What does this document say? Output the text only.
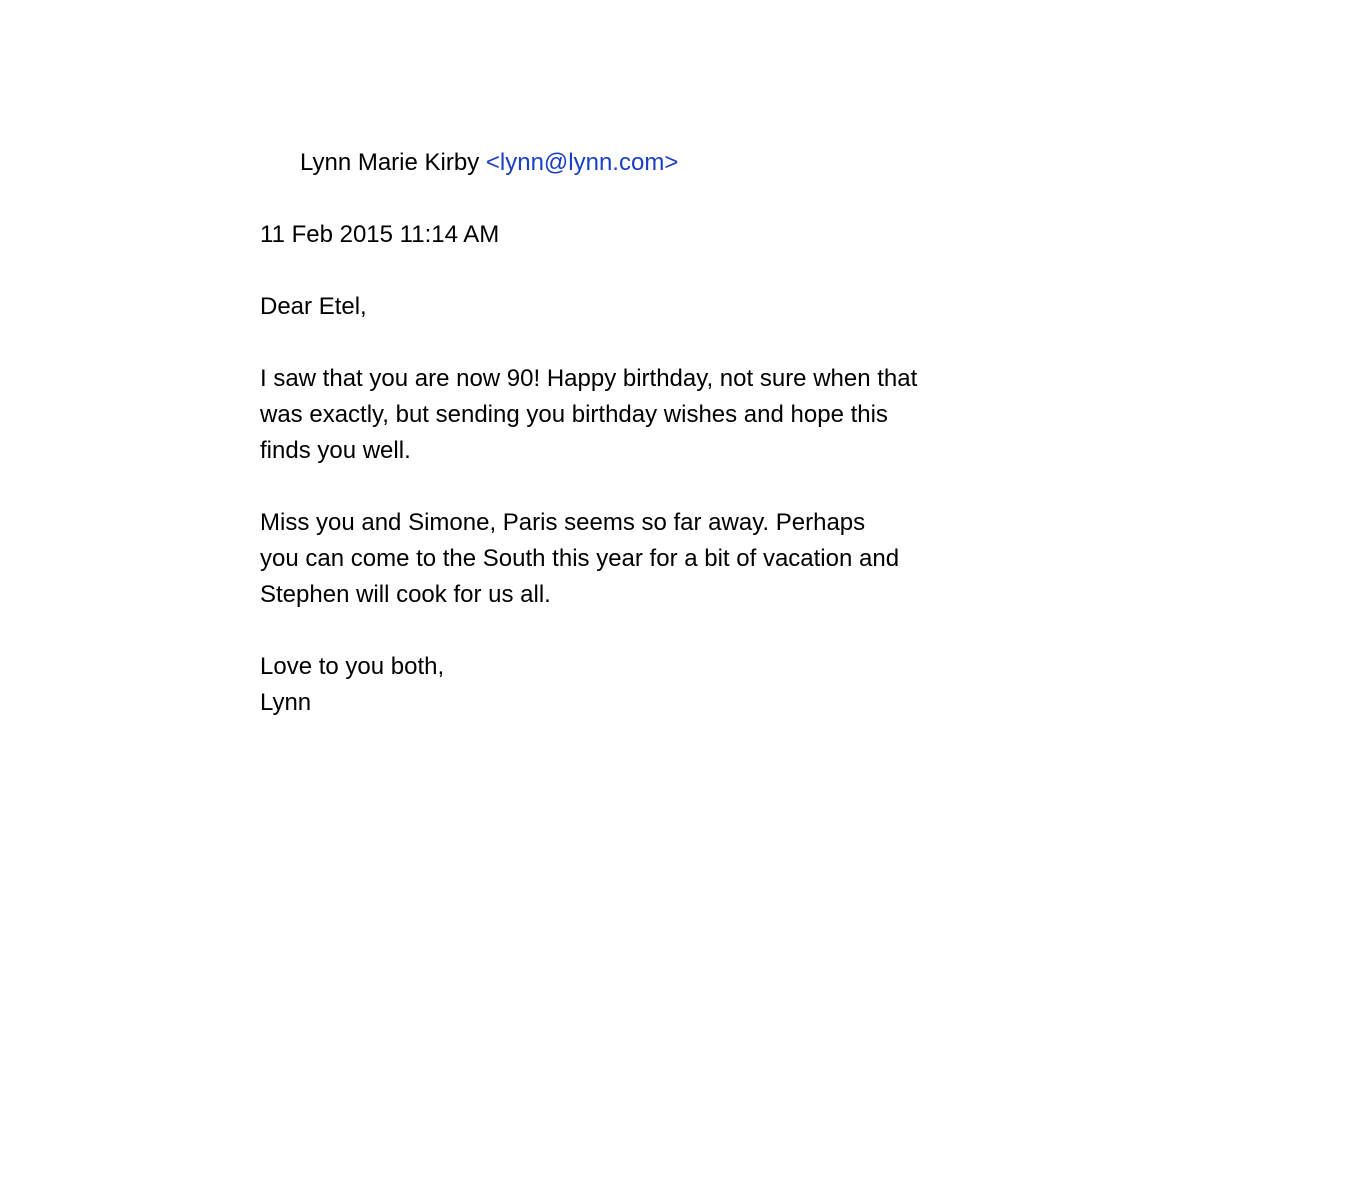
Lynn Marie Kirby <lynn@lynn.com>

11 Feb 2015 11:14 AM
Dear Etel,
I saw that you are now 90! Happy birthday, not sure when that
was exactly, but sending you birthday wishes and hope this
finds you well.
Miss you and Simone, Paris seems so far away. Perhaps
you can come to the South this year for a bit of vacation and
Stephen will cook for us all.
Love to you both,
Lynn
